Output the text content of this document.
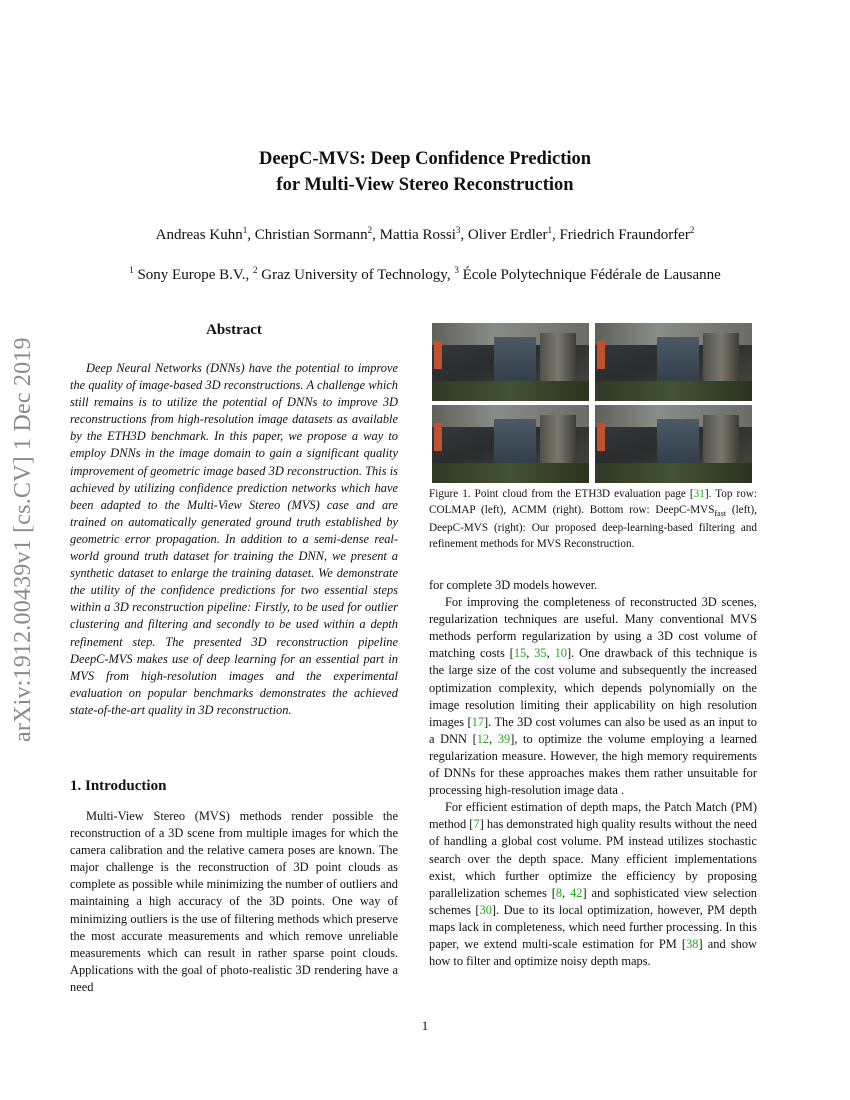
arXiv:1912.00439v1 [cs.CV] 1 Dec 2019
DeepC-MVS: Deep Confidence Prediction
for Multi-View Stereo Reconstruction
Andreas Kuhn$^1$, Christian Sormann$^2$, Mattia Rossi$^3$, Oliver Erdler$^1$, Friedrich Fraundorfer$^2$
$^1$ Sony Europe B.V., $^2$ Graz University of Technology, $^3$ École Polytechnique Fédérale de Lausanne
Abstract

Deep Neural Networks (DNNs) have the potential to improve the quality of image-based 3D reconstructions. A challenge which still remains is to utilize the potential of DNNs to improve 3D reconstructions from high-resolution image datasets as available by the ETH3D benchmark. In this paper, we propose a way to employ DNNs in the image domain to gain a significant quality improvement of geometric image based 3D reconstruction. This is achieved by utilizing confidence prediction networks which have been adapted to the Multi-View Stereo (MVS) case and are trained on automatically generated ground truth established by geometric error propagation. In addition to a semi-dense real-world ground truth dataset for training the DNN, we present a synthetic dataset to enlarge the training dataset. We demonstrate the utility of the confidence predictions for two essential steps within a 3D reconstruction pipeline: Firstly, to be used for outlier clustering and filtering and secondly to be used within a depth refinement step. The presented 3D reconstruction pipeline DeepC-MVS makes use of deep learning for an essential part in MVS from high-resolution images and the experimental evaluation on popular benchmarks demonstrates the achieved state-of-the-art quality in 3D reconstruction.

1. Introduction

Multi-View Stereo (MVS) methods render possible the reconstruction of a 3D scene from multiple images for which the camera calibration and the relative camera poses are known. The major challenge is the reconstruction of 3D point clouds as complete as possible while minimizing the number of outliers and maintaining a high accuracy of the 3D points. One way of minimizing outliers is the use of filtering methods which preserve the most accurate measurements and which remove unreliable measurements which can result in rather sparse point clouds. Applications with the goal of photo-realistic 3D rendering have a need

Figure 1. Point cloud from the ETH3D evaluation page [31]. Top row: COLMAP (left), ACMM (right). Bottom row: DeepC-$MVS_{fast}$ (left), DeepC-MVS (right): Our proposed deep-learning-based filtering and refinement methods for MVS Reconstruction.

for complete 3D models however.

For improving the completeness of reconstructed 3D scenes, regularization techniques are useful. Many conventional MVS methods perform regularization by using a 3D cost volume of matching costs [15, 35, 10]. One drawback of this technique is the large size of the cost volume and subsequently the increased optimization complexity, which depends polynomially on the image resolution limiting their applicability on high resolution images [17]. The 3D cost volumes can also be used as an input to a DNN [12, 39], to optimize the volume employing a learned regularization measure. However, the high memory requirements of DNNs for these approaches makes them rather unsuitable for processing high-resolution image data .

For efficient estimation of depth maps, the Patch Match (PM) method [7] has demonstrated high quality results without the need of handling a global cost volume. PM instead utilizes stochastic search over the depth space. Many efficient implementations exist, which further optimize the efficiency by proposing parallelization schemes [8, 42] and sophisticated view selection schemes [30]. Due to its local optimization, however, PM depth maps lack in completeness, which need further processing. In this paper, we extend multi-scale estimation for PM [38] and show how to filter and optimize noisy depth maps.

1
